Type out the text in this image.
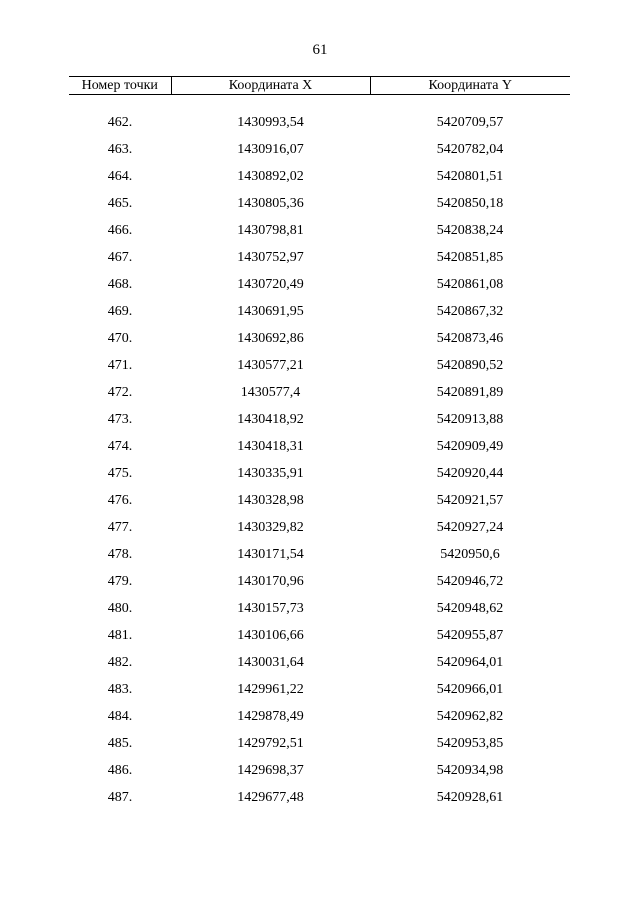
61
Номер точки	Координата X	Координата Y
462.	1430993,54	5420709,57
463.	1430916,07	5420782,04
464.	1430892,02	5420801,51
465.	1430805,36	5420850,18
466.	1430798,81	5420838,24
467.	1430752,97	5420851,85
468.	1430720,49	5420861,08
469.	1430691,95	5420867,32
470.	1430692,86	5420873,46
471.	1430577,21	5420890,52
472.	1430577,4	5420891,89
473.	1430418,92	5420913,88
474.	1430418,31	5420909,49
475.	1430335,91	5420920,44
476.	1430328,98	5420921,57
477.	1430329,82	5420927,24
478.	1430171,54	5420950,6
479.	1430170,96	5420946,72
480.	1430157,73	5420948,62
481.	1430106,66	5420955,87
482.	1430031,64	5420964,01
483.	1429961,22	5420966,01
484.	1429878,49	5420962,82
485.	1429792,51	5420953,85
486.	1429698,37	5420934,98
487.	1429677,48	5420928,61
